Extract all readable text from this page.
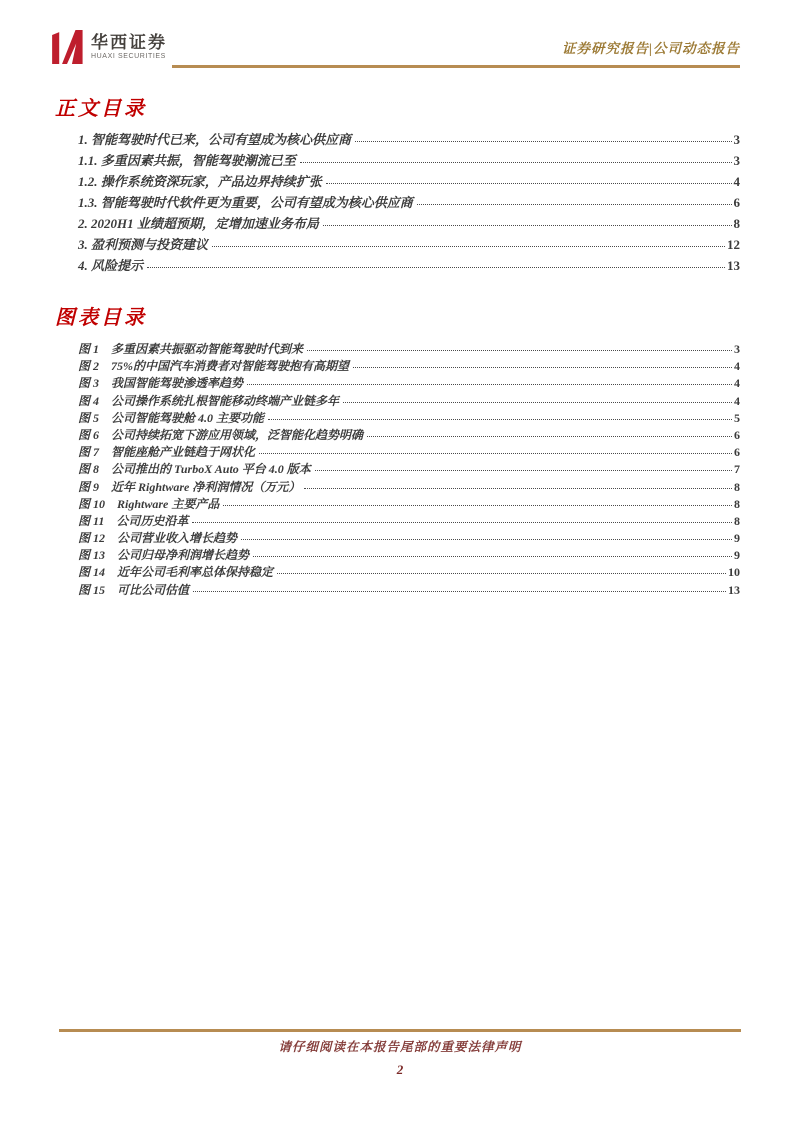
华西证券
HUAXI SECURITIES
证券研究报告|公司动态报告
正文目录
1. 智能驾驶时代已来，公司有望成为核心供应商	3
1.1. 多重因素共振，智能驾驶潮流已至	3
1.2. 操作系统资深玩家，产品边界持续扩张	4
1.3. 智能驾驶时代软件更为重要，公司有望成为核心供应商	6
2. 2020H1 业绩超预期，定增加速业务布局	8
3. 盈利预测与投资建议	12
4. 风险提示	13
图表目录
图 1　多重因素共振驱动智能驾驶时代到来	3
图 2　75%的中国汽车消费者对智能驾驶抱有高期望	4
图 3　我国智能驾驶渗透率趋势	4
图 4　公司操作系统扎根智能移动终端产业链多年	4
图 5　公司智能驾驶舱 4.0 主要功能	5
图 6　公司持续拓宽下游应用领域，泛智能化趋势明确	6
图 7　智能座舱产业链趋于网状化	6
图 8　公司推出的 TurboX Auto 平台 4.0 版本	7
图 9　近年 Rightware 净利润情况（万元）	8
图 10　Rightware 主要产品	8
图 11　公司历史沿革	8
图 12　公司营业收入增长趋势	9
图 13　公司归母净利润增长趋势	9
图 14　近年公司毛利率总体保持稳定	10
图 15　可比公司估值	13
请仔细阅读在本报告尾部的重要法律声明
2
